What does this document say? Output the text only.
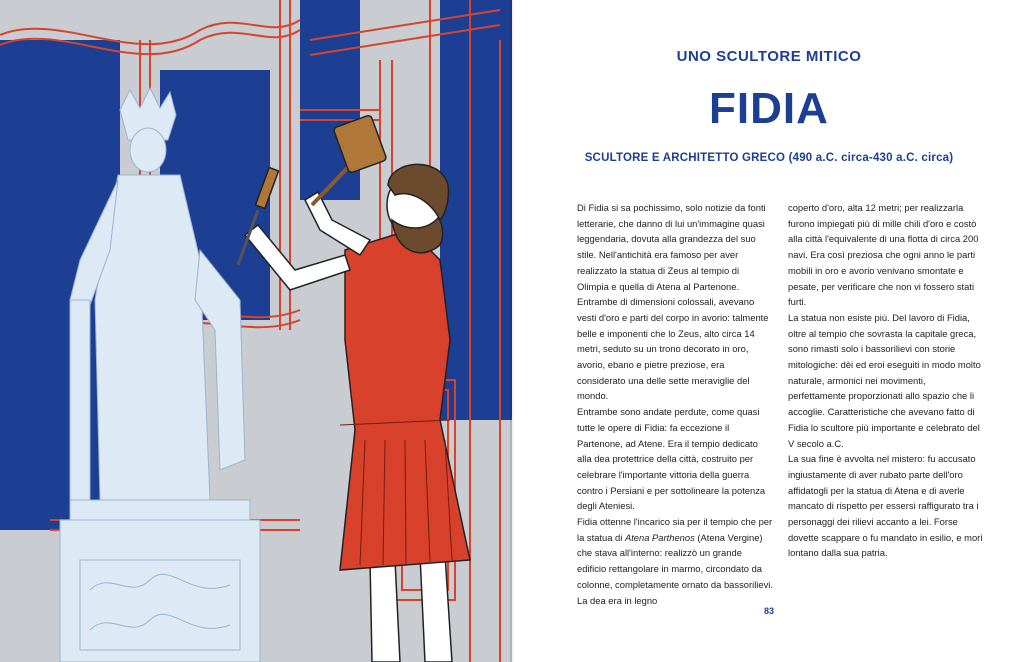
UNO SCULTORE MITICO
FIDIA
SCULTORE E ARCHITETTO GRECO (490 a.C. circa-430 a.C. circa)

Di Fidia si sa pochissimo, solo notizie da fonti letterarie, che danno di lui un'immagine quasi leggendaria, dovuta alla grandezza del suo stile. Nell'antichità era famoso per aver realizzato la statua di Zeus al tempio di Olimpia e quella di Atena al Partenone. Entrambe di dimensioni colossali, avevano vesti d'oro e parti del corpo in avorio: talmente belle e imponenti che lo Zeus, alto circa 14 metri, seduto su un trono decorato in oro, avorio, ebano e pietre preziose, era considerato una delle sette meraviglie del mondo.

Entrambe sono andate perdute, come quasi tutte le opere di Fidia: fa eccezione il Partenone, ad Atene. Era il tempio dedicato alla dea protettrice della città, costruito per celebrare l'importante vittoria della guerra contro i Persiani e per sottolineare la potenza degli Ateniesi.

Fidia ottenne l'incarico sia per il tempio che per la statua di Atena Parthenos (Atena Vergine) che stava all'interno: realizzò un grande edificio rettangolare in marmo, circondato da colonne, completamente ornato da bassorilievi. La dea era in legno

coperto d'oro, alta 12 metri; per realizzarla furono impiegati più di mille chili d'oro e costò alla città l'equivalente di una flotta di circa 200 navi. Era così preziosa che ogni anno le parti mobili in oro e avorio venivano smontate e pesate, per verificare che non vi fossero stati furti.

La statua non esiste più. Del lavoro di Fidia, oltre al tempio che sovrasta la capitale greca, sono rimasti solo i bassorilievi con storie mitologiche: dèi ed eroi eseguiti in modo molto naturale, armonici nei movimenti, perfettamente proporzionati allo spazio che li accoglie. Caratteristiche che avevano fatto di Fidia lo scultore più importante e celebrato del V secolo a.C.

La sua fine è avvolta nel mistero: fu accusato ingiustamente di aver rubato parte dell'oro affidatogli per la statua di Atena e di averle mancato di rispetto per essersi raffigurato tra i personaggi dei rilievi accanto a lei. Forse dovette scappare o fu mandato in esilio, e morì lontano dalla sua patria.

83
